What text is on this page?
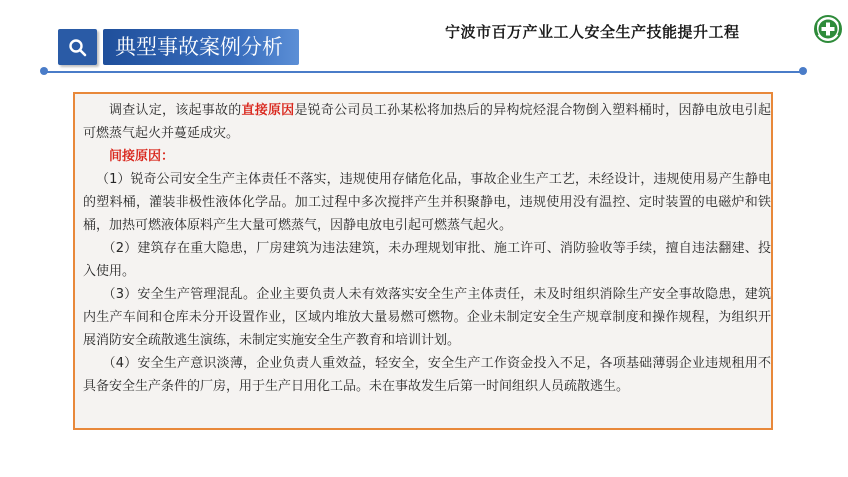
典型事故案例分析
宁波市百万产业工人安全生产技能提升工程

调查认定，该起事故的直接原因是锐奇公司员工孙某松将加热后的异构烷烃混合物倒入塑料桶时，因静电放电引起可燃蒸气起火并蔓延成灾。

间接原因：

（1）锐奇公司安全生产主体责任不落实，违规使用存储危化品，事故企业生产工艺，未经设计，违规使用易产生静电的塑料桶，灌装非极性液体化学品。加工过程中多次搅拌产生并积聚静电，违规使用没有温控、定时装置的电磁炉和铁桶，加热可燃液体原料产生大量可燃蒸气，因静电放电引起可燃蒸气起火。

（2）建筑存在重大隐患，厂房建筑为违法建筑，未办理规划审批、施工许可、消防验收等手续，擅自违法翻建、投入使用。

（3）安全生产管理混乱。企业主要负责人未有效落实安全生产主体责任，未及时组织消除生产安全事故隐患，建筑内生产车间和仓库未分开设置作业，区域内堆放大量易燃可燃物。企业未制定安全生产规章制度和操作规程，为组织开展消防安全疏散逃生演练，未制定实施安全生产教育和培训计划。

（4）安全生产意识淡薄，企业负责人重效益，轻安全，安全生产工作资金投入不足，各项基础薄弱企业违规租用不具备安全生产条件的厂房，用于生产日用化工品。未在事故发生后第一时间组织人员疏散逃生。
